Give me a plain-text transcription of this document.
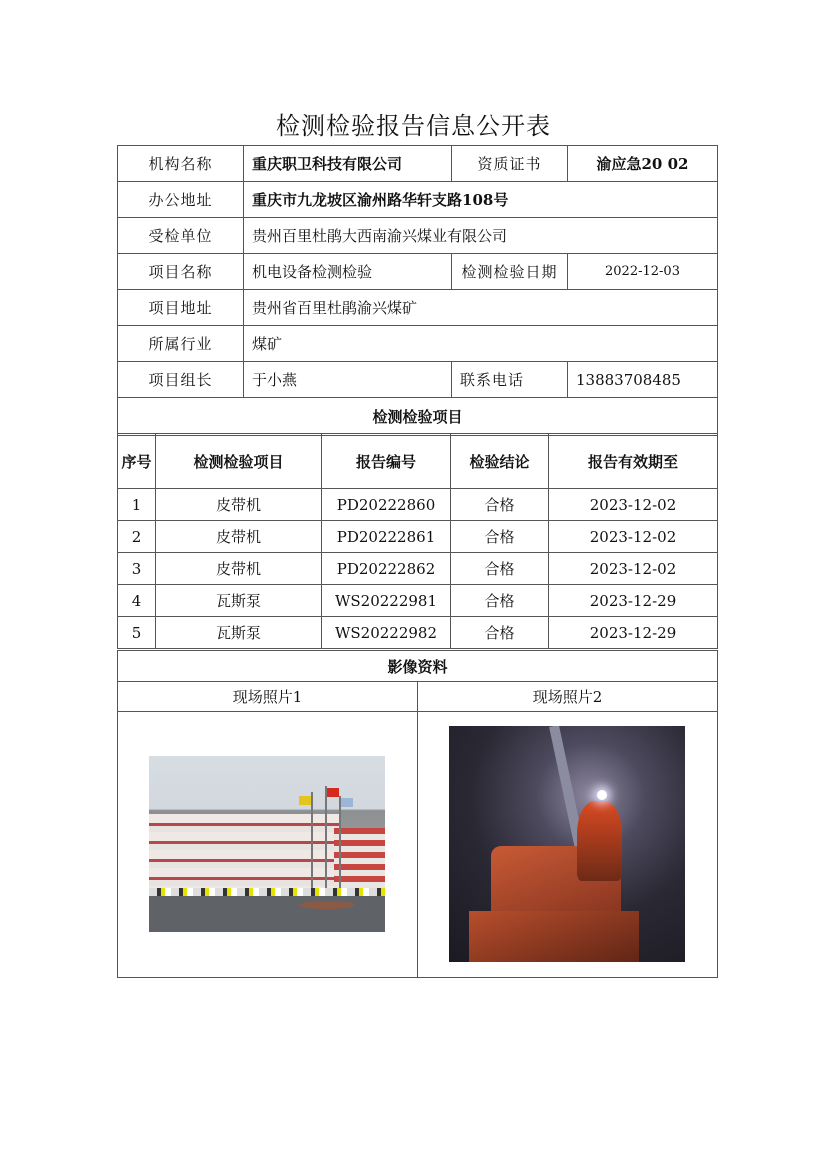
检测检验报告信息公开表
机构名称	重庆职卫科技有限公司	资质证书	渝应急20 02
办公地址	重庆市九龙坡区渝州路华轩支路108号		
受检单位	贵州百里杜鹃大西南渝兴煤业有限公司		
项目名称	机电设备检测检验	检测检验日期	2022-12-03
项目地址	贵州省百里杜鹃渝兴煤矿		
所属行业	煤矿		
项目组长	于小燕	联系电话	13883708485
检测检验项目			
序号	检测检验项目	报告编号	检验结论	报告有效期至
1	皮带机	PD20222860	合格	2023-12-02
2	皮带机	PD20222861	合格	2023-12-02
3	皮带机	PD20222862	合格	2023-12-02
4	瓦斯泵	WS20222981	合格	2023-12-29
5	瓦斯泵	WS20222982	合格	2023-12-29
影像资料	
现场照片1	现场照片2
